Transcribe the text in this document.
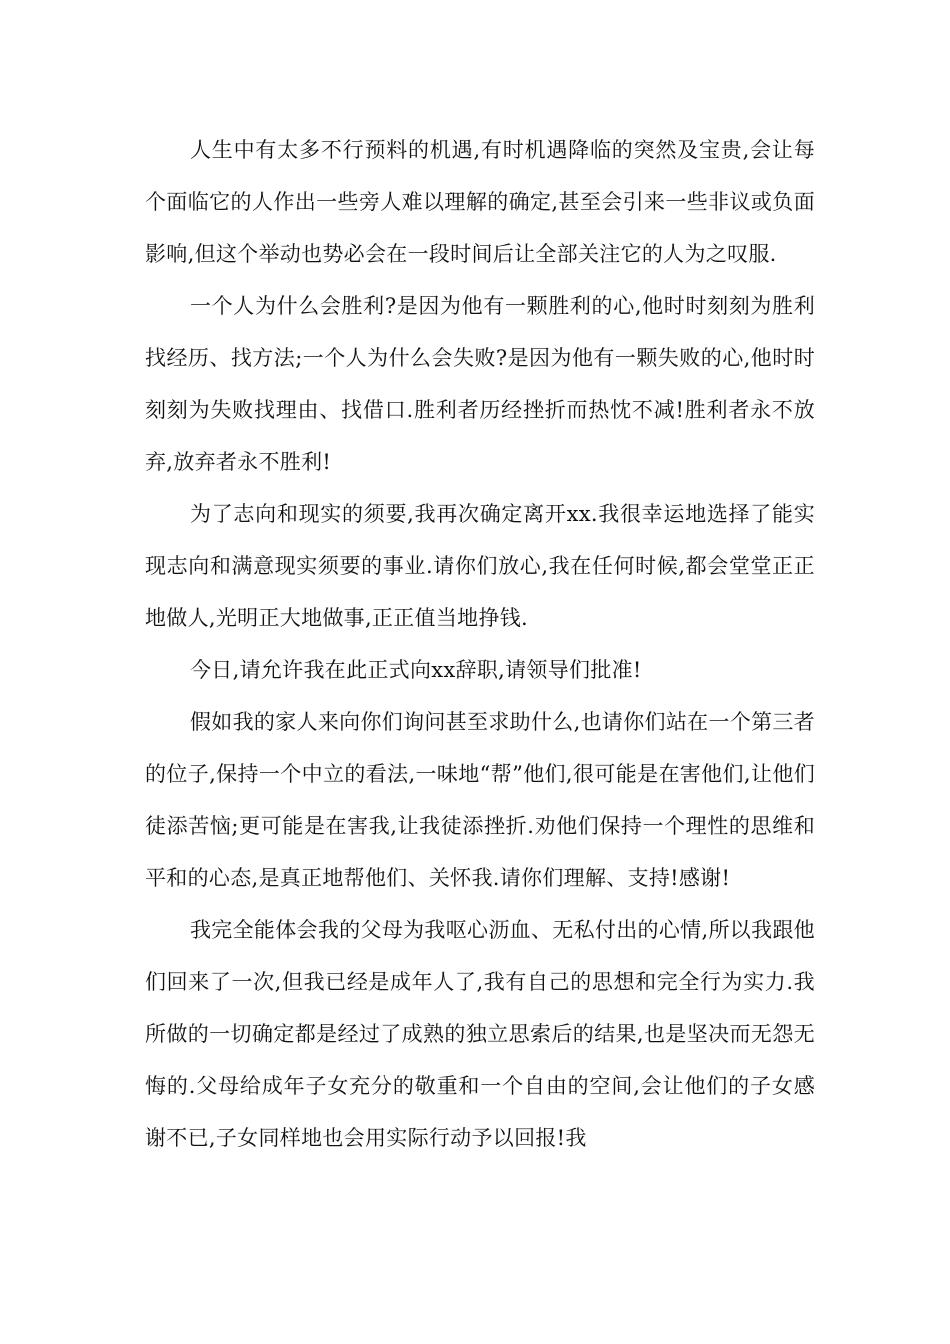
人生中有太多不行预料的机遇,有时机遇降临的突然及宝贵,会让每个面临它的人作出一些旁人难以理解的确定,甚至会引来一些非议或负面影响,但这个举动也势必会在一段时间后让全部关注它的人为之叹服.

一个人为什么会胜利?是因为他有一颗胜利的心,他时时刻刻为胜利找经历、找方法;一个人为什么会失败?是因为他有一颗失败的心,他时时刻刻为失败找理由、找借口.胜利者历经挫折而热忱不减!胜利者永不放弃,放弃者永不胜利!

为了志向和现实的须要,我再次确定离开xx.我很幸运地选择了能实现志向和满意现实须要的事业.请你们放心,我在任何时候,都会堂堂正正地做人,光明正大地做事,正正值当地挣钱.

今日,请允许我在此正式向xx辞职,请领导们批准!

假如我的家人来向你们询问甚至求助什么,也请你们站在一个第三者的位子,保持一个中立的看法,一味地“帮”他们,很可能是在害他们,让他们徒添苦恼;更可能是在害我,让我徒添挫折.劝他们保持一个理性的思维和平和的心态,是真正地帮他们、关怀我.请你们理解、支持!感谢!

我完全能体会我的父母为我呕心沥血、无私付出的心情,所以我跟他们回来了一次,但我已经是成年人了,我有自己的思想和完全行为实力.我所做的一切确定都是经过了成熟的独立思索后的结果,也是坚决而无怨无悔的.父母给成年子女充分的敬重和一个自由的空间,会让他们的子女感谢不已,子女同样地也会用实际行动予以回报!我
